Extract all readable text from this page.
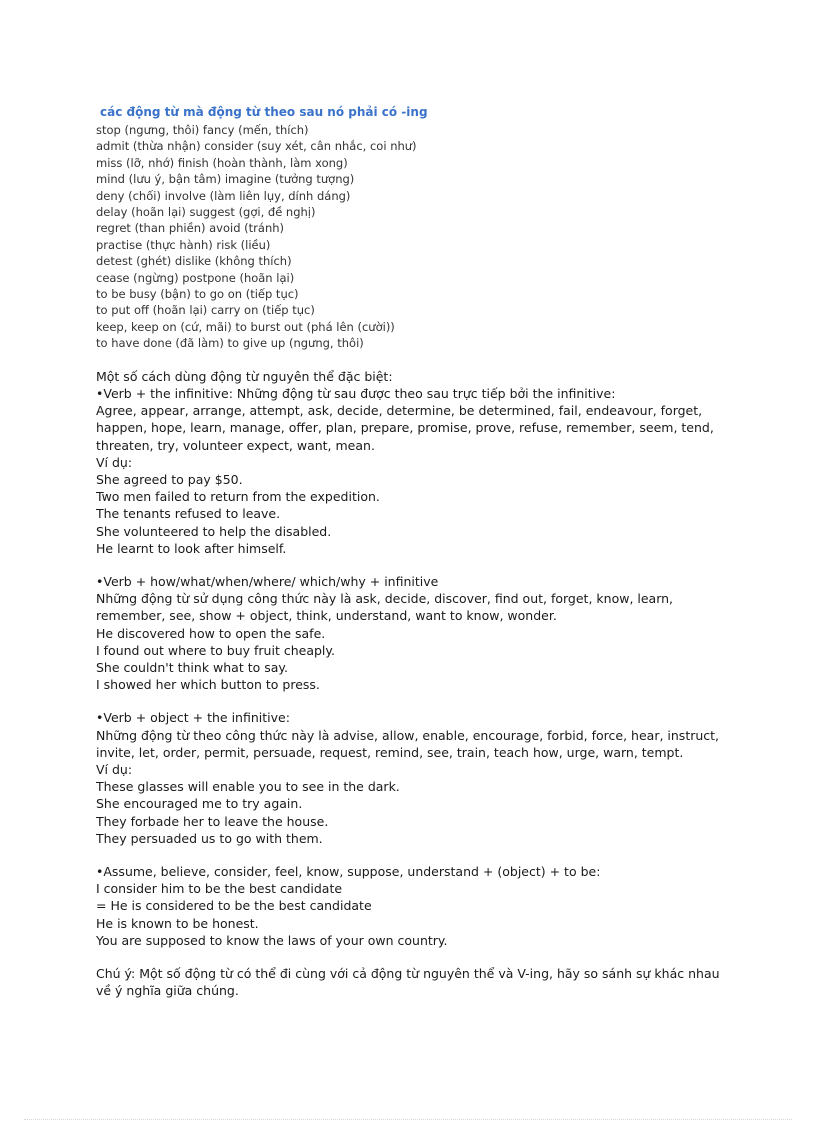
các động từ mà động từ theo sau nó phải có -ing
stop (ngưng, thôi) fancy (mến, thích)
admit (thừa nhận) consider (suy xét, cân nhắc, coi như)
miss (lỡ, nhớ) finish (hoàn thành, làm xong)
mind (lưu ý, bận tâm) imagine (tưởng tượng)
deny (chối) involve (làm liên lụy, dính dáng)
delay (hoãn lại) suggest (gợi, đề nghị)
regret (than phiền) avoid (tránh)
practise (thực hành) risk (liều)
detest (ghét) dislike (không thích)
cease (ngừng) postpone (hoãn lại)
to be busy (bận) to go on (tiếp tục)
to put off (hoãn lại) carry on (tiếp tục)
keep, keep on (cứ, mãi) to burst out (phá lên (cười))
to have done (đã làm) to give up (ngưng, thôi)
Một số cách dùng động từ nguyên thể đặc biệt:
•Verb + the infinitive: Những động từ sau được theo sau trực tiếp bởi the infinitive:
Agree, appear, arrange, attempt, ask, decide, determine, be determined, fail, endeavour, forget, happen, hope, learn, manage, offer, plan, prepare, promise, prove, refuse, remember, seem, tend, threaten, try, volunteer expect, want, mean.
Ví dụ:
She agreed to pay $50.
Two men failed to return from the expedition.
The tenants refused to leave.
She volunteered to help the disabled.
He learnt to look after himself.
•Verb + how/what/when/where/ which/why + infinitive
Những động từ sử dụng công thức này là ask, decide, discover, find out, forget, know, learn, remember, see, show + object, think, understand, want to know, wonder.
He discovered how to open the safe.
I found out where to buy fruit cheaply.
She couldn't think what to say.
I showed her which button to press.
•Verb + object + the infinitive:
Những động từ theo công thức này là advise, allow, enable, encourage, forbid, force, hear, instruct, invite, let, order, permit, persuade, request, remind, see, train, teach how, urge, warn, tempt.
Ví dụ:
These glasses will enable you to see in the dark.
She encouraged me to try again.
They forbade her to leave the house.
They persuaded us to go with them.
•Assume, believe, consider, feel, know, suppose, understand + (object) + to be:
I consider him to be the best candidate
= He is considered to be the best candidate
He is known to be honest.
You are supposed to know the laws of your own country.
Chú ý: Một số động từ có thể đi cùng với cả động từ nguyên thể và V-ing, hãy so sánh sự khác nhau về ý nghĩa giữa chúng.
